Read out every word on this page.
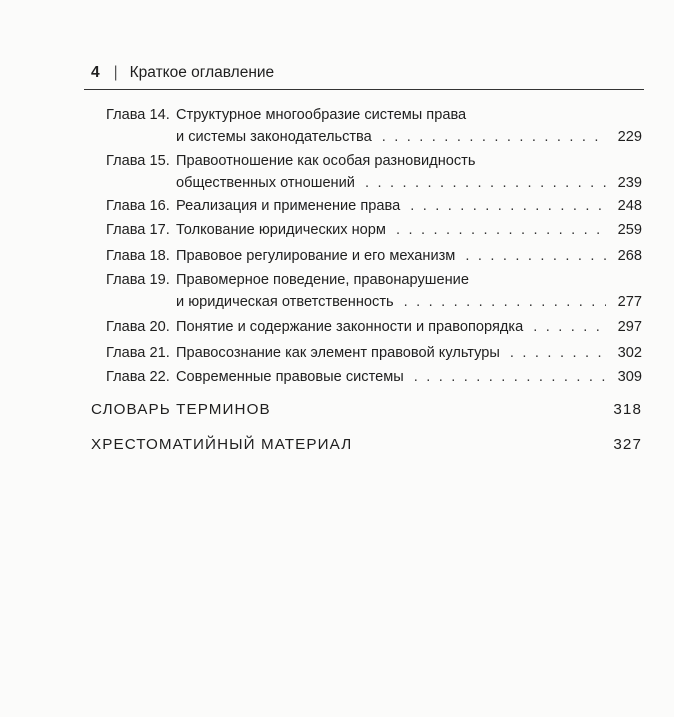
4 | Краткое оглавление
Глава 14. Структурное многообразие системы права
и системы законодательства . . .	229
Глава 15. Правоотношение как особая разновидность
общественных отношений . . .	239
Глава 16. Реализация и применение права . . .	248
Глава 17. Толкование юридических норм . . .	259
Глава 18. Правовое регулирование и его механизм . . .	268
Глава 19. Правомерное поведение, правонарушение
и юридическая ответственность . . .	277
Глава 20. Понятие и содержание законности и правопорядка . . .	297
Глава 21. Правосознание как элемент правовой культуры . . .	302
Глава 22. Современные правовые системы . . .	309
СЛОВАРЬ ТЕРМИНОВ	318
ХРЕСТОМАТИЙНЫЙ МАТЕРИАЛ	327
